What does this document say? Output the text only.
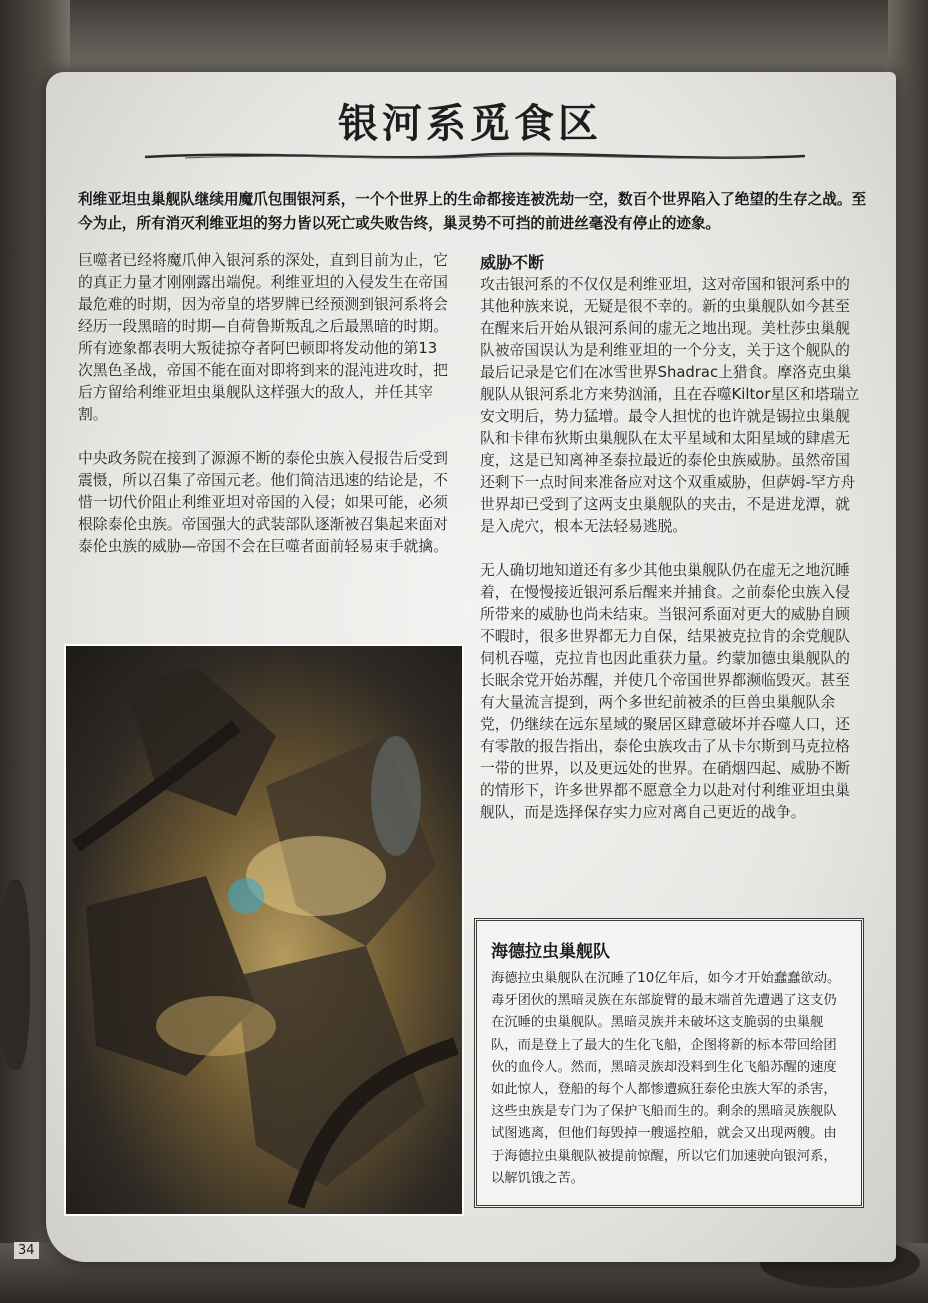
银河系觅食区
利维亚坦虫巢舰队继续用魔爪包围银河系，一个个世界上的生命都接连被洗劫一空，数百个世界陷入了绝望的生存之战。至今为止，所有消灭利维亚坦的努力皆以死亡或失败告终，巢灵势不可挡的前进丝毫没有停止的迹象。

巨噬者已经将魔爪伸入银河系的深处，直到目前为止，它的真正力量才刚刚露出端倪。利维亚坦的入侵发生在帝国最危难的时期，因为帝皇的塔罗牌已经预测到银河系将会经历一段黑暗的时期—自荷鲁斯叛乱之后最黑暗的时期。所有迹象都表明大叛徒掠夺者阿巴顿即将发动他的第13次黑色圣战，帝国不能在面对即将到来的混沌进攻时，把后方留给利维亚坦虫巢舰队这样强大的敌人，并任其宰割。

中央政务院在接到了源源不断的泰伦虫族入侵报告后受到震慑，所以召集了帝国元老。他们简洁迅速的结论是，不惜一切代价阻止利维亚坦对帝国的入侵；如果可能，必须根除泰伦虫族。帝国强大的武装部队逐渐被召集起来面对泰伦虫族的威胁—帝国不会在巨噬者面前轻易束手就擒。

威胁不断

攻击银河系的不仅仅是利维亚坦，这对帝国和银河系中的其他种族来说，无疑是很不幸的。新的虫巢舰队如今甚至在醒来后开始从银河系间的虚无之地出现。美杜莎虫巢舰队被帝国误认为是利维亚坦的一个分支，关于这个舰队的最后记录是它们在冰雪世界Shadrac上猎食。摩洛克虫巢舰队从银河系北方来势汹涌，且在吞噬Kiltor星区和塔瑞立安文明后，势力猛增。最令人担忧的也许就是锡拉虫巢舰队和卡律布狄斯虫巢舰队在太平星域和太阳星域的肆虐无度，这是已知离神圣泰拉最近的泰伦虫族威胁。虽然帝国还剩下一点时间来准备应对这个双重威胁，但萨姆-罕方舟世界却已受到了这两支虫巢舰队的夹击，不是进龙潭，就是入虎穴，根本无法轻易逃脱。

无人确切地知道还有多少其他虫巢舰队仍在虚无之地沉睡着，在慢慢接近银河系后醒来并捕食。之前泰伦虫族入侵所带来的威胁也尚未结束。当银河系面对更大的威胁自顾不暇时，很多世界都无力自保，结果被克拉肯的余党舰队伺机吞噬，克拉肯也因此重获力量。约蒙加德虫巢舰队的长眠余党开始苏醒，并使几个帝国世界都濒临毁灭。甚至有大量流言提到，两个多世纪前被杀的巨兽虫巢舰队余党，仍继续在远东星域的聚居区肆意破坏并吞噬人口，还有零散的报告指出，泰伦虫族攻击了从卡尔斯到马克拉格一带的世界，以及更远处的世界。在硝烟四起、威胁不断的情形下，许多世界都不愿意全力以赴对付利维亚坦虫巢舰队，而是选择保存实力应对离自己更近的战争。

海德拉虫巢舰队
海德拉虫巢舰队在沉睡了10亿年后，如今才开始蠢蠢欲动。毒牙团伙的黑暗灵族在东部旋臂的最末端首先遭遇了这支仍在沉睡的虫巢舰队。黑暗灵族并未破坏这支脆弱的虫巢舰队，而是登上了最大的生化飞船，企图将新的标本带回给团伙的血伶人。然而，黑暗灵族却没料到生化飞船苏醒的速度如此惊人，登船的每个人都惨遭疯狂泰伦虫族大军的杀害，这些虫族是专门为了保护飞船而生的。剩余的黑暗灵族舰队试图逃离，但他们每毁掉一艘遥控船，就会又出现两艘。由于海德拉虫巢舰队被提前惊醒，所以它们加速驶向银河系，以解饥饿之苦。
34
